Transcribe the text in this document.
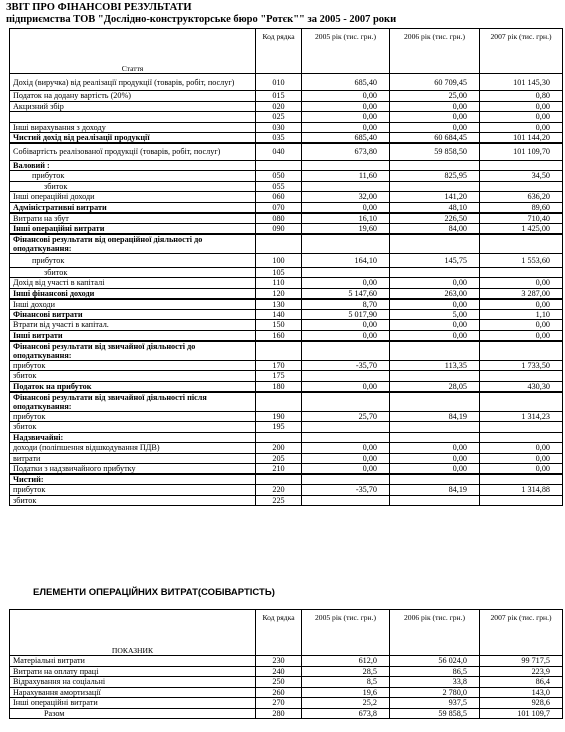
ЗВІТ ПРО ФІНАНСОВІ РЕЗУЛЬТАТИ
підприємства ТОВ "Дослідно-конструкторське бюро "Ротєк"" за 2005 - 2007 роки
Стаття	Код рядка	2005 рік (тис. грн.)	2006 рік (тис. грн.)	2007 рік (тис. грн.)
Дохід (виручка) від реалізації продукції (товарів, робіт, послуг)	010	685,40	60 709,45	101 145,30
Податок на додану вартість (20%)	015	0,00	25,00	0,80
Акцизний збір	020	0,00	0,00	0,00
	025	0,00	0,00	0,00
Інші вирахування з доходу	030	0,00	0,00	0,00
Чистий дохід від реалізації продукції	035	685,40	60 684,45	101 144,20
Собівартість реалізованої продукції (товарів, робіт, послуг)	040	673,80	59 858,50	101 109,70
Валовий :				
прибуток	050	11,60	825,95	34,50
збиток	055			
Інші операційні доходи	060	32,00	141,20	636,20
Адміністративні витрати	070	0,00	48,10	89,60
Витрати на збут	080	16,10	226,50	710,40
Інші операційні витрати	090	19,60	84,00	1 425,00
Фінансові результати від операційної діяльності до оподаткування:				
прибуток	100	164,10	145,75	1 553,60
збиток	105			
Дохід від участі в капіталі	110	0,00	0,00	0,00
Інші фінансові доходи	120	5 147,60	263,00	3 287,00
Інші доходи	130	8,70	0,00	0,00
Фінансові витрати	140	5 017,90	5,00	1,10
Втрати від участі в капітал.	150	0,00	0,00	0,00
Інші витрати	160	0,00	0,00	0,00
Фінансові результати від звичайної діяльності до оподаткування:				
прибуток	170	-35,70	113,35	1 733,50
збиток	175			
Податок на прибуток	180	0,00	28,05	430,30
Фінансові результати від звичайної діяльності після оподаткування:				
прибуток	190	25,70	84,19	1 314,23
збиток	195			
Надзвичайні:				
доходи (поліпшення відшкодування ПДВ)	200	0,00	0,00	0,00
витрати	205	0,00	0,00	0,00
Податки з надзвичайного прибутку	210	0,00	0,00	0,00
Чистий:				
прибуток	220	-35,70	84,19	1 314,88
збиток	225			
ЕЛЕМЕНТИ ОПЕРАЦІЙНИХ ВИТРАТ(СОБІВАРТІСТЬ)
ПОКАЗНИК	Код рядка	2005 рік (тис. грн.)	2006 рік (тис. грн.)	2007 рік (тис. грн.)
Матеріальні витрати	230	612,0	56 024,0	99 717,5
Витрати на оплату праці	240	28,5	86,5	223,9
Відрахування на соціальні	250	8,5	33,8	86,4
Нарахування амортизації	260	19,6	2 780,0	143,0
Інші операційні витрати	270	25,2	937,5	928,6
Разом	280	673,8	59 858,5	101 109,7
